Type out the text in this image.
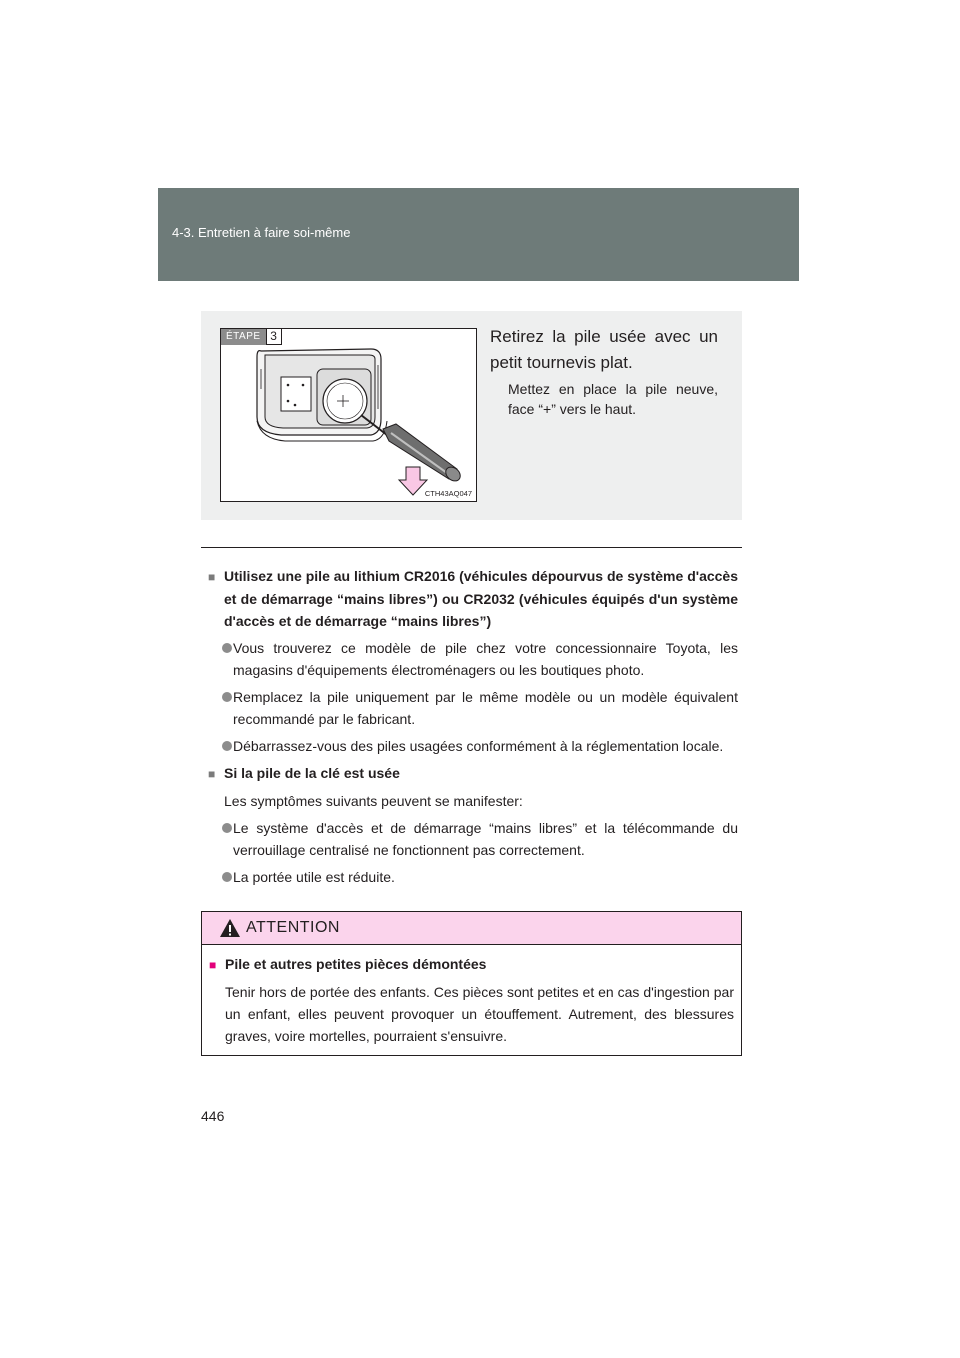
4-3. Entretien à faire soi-même
ÉTAPE 3
CTH43AQ047
Retirez la pile usée avec un petit tournevis plat.
Mettez en place la pile neuve, face “+” vers le haut.
■ Utilisez une pile au lithium CR2016 (véhicules dépourvus de système d'accès et de démarrage “mains libres”) ou CR2032 (véhicules équipés d'un système d'accès et de démarrage “mains libres”)
Vous trouverez ce modèle de pile chez votre concessionnaire Toyota, les magasins d'équipements électroménagers ou les boutiques photo.
Remplacez la pile uniquement par le même modèle ou un modèle équivalent recommandé par le fabricant.
Débarrassez-vous des piles usagées conformément à la réglementation locale.
■ Si la pile de la clé est usée
Les symptômes suivants peuvent se manifester:
Le système d'accès et de démarrage “mains libres” et la télécommande du verrouillage centralisé ne fonctionnent pas correctement.
La portée utile est réduite.
ATTENTION
■ Pile et autres petites pièces démontées
Tenir hors de portée des enfants. Ces pièces sont petites et en cas d'ingestion par un enfant, elles peuvent provoquer un étouffement. Autrement, des blessures graves, voire mortelles, pourraient s'ensuivre.
446
